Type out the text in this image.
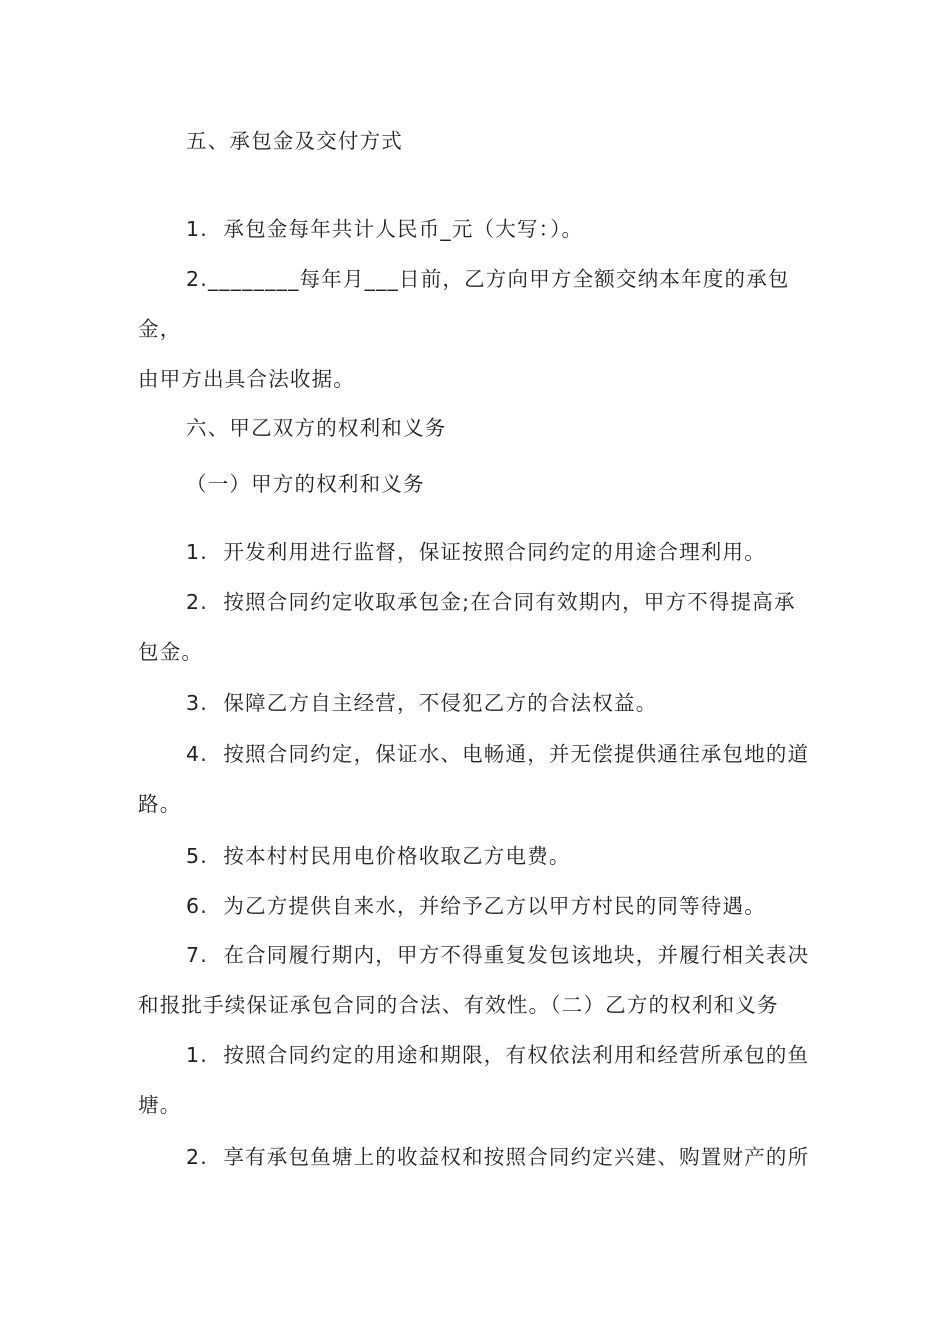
五、承包金及交付方式
1.  承包金每年共计人民币_元（大写：）。
2.________每年月___日前，乙方向甲方全额交纳本年度的承包
金，
由甲方出具合法收据。
六、甲乙双方的权利和义务
（一）甲方的权利和义务
1.  开发利用进行监督，保证按照合同约定的用途合理利用。
2.  按照合同约定收取承包金;在合同有效期内，甲方不得提高承
包金。
3.  保障乙方自主经营，不侵犯乙方的合法权益。
4.  按照合同约定，保证水、电畅通，并无偿提供通往承包地的道
路。
5.  按本村村民用电价格收取乙方电费。
6.  为乙方提供自来水，并给予乙方以甲方村民的同等待遇。
7.  在合同履行期内，甲方不得重复发包该地块，并履行相关表决
和报批手续保证承包合同的合法、有效性。（二）乙方的权利和义务
1.  按照合同约定的用途和期限，有权依法利用和经营所承包的鱼
塘。
2.  享有承包鱼塘上的收益权和按照合同约定兴建、购置财产的所
